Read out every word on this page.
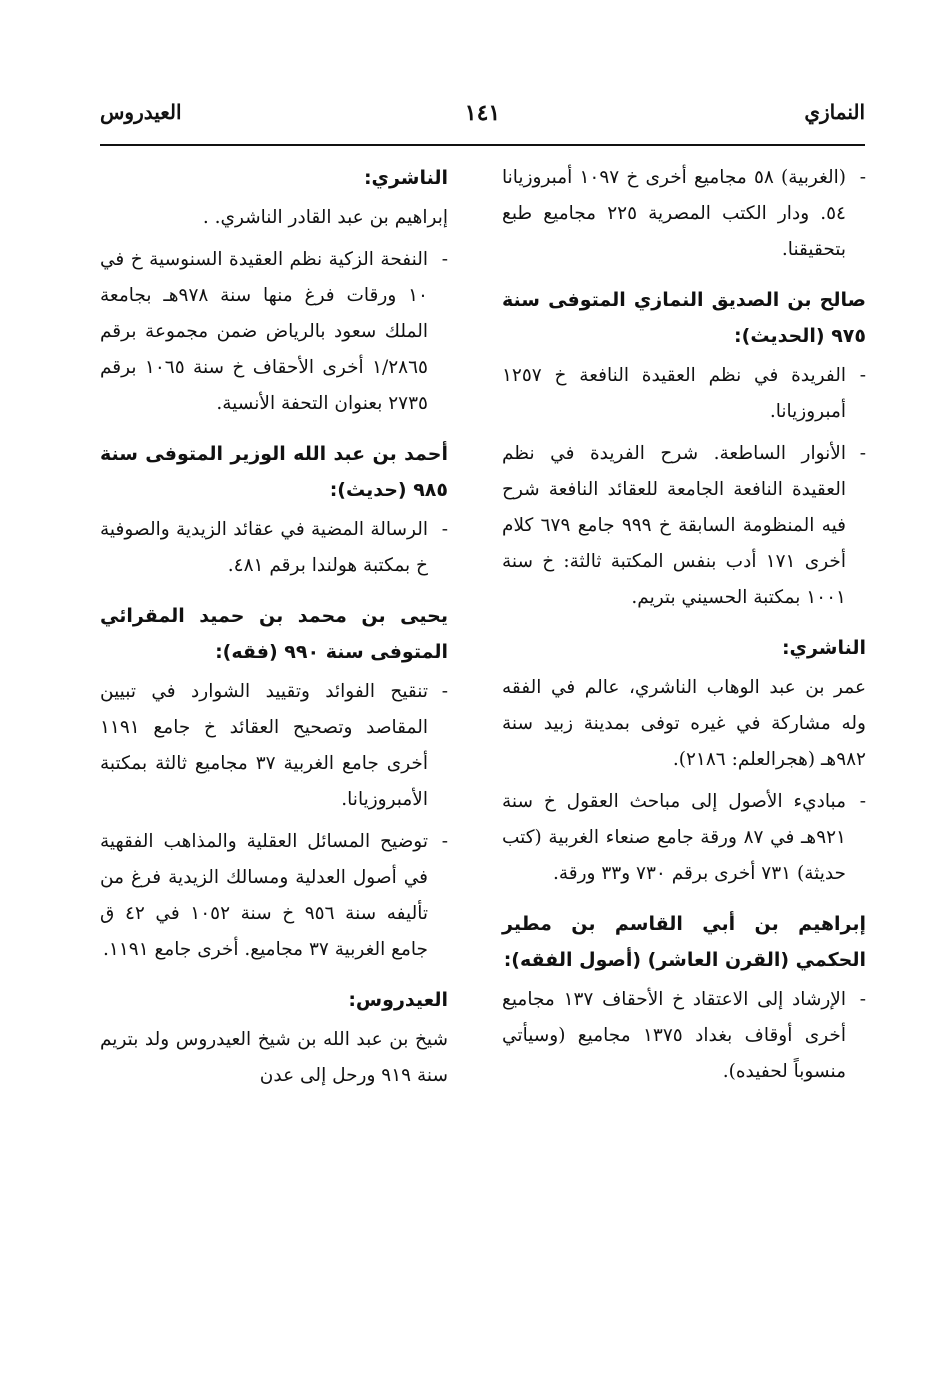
النمازي
١٤١
العيدروس
-
(الغربية) ٥٨ مجاميع أخرى خ ١٠٩٧ أمبروزيانا ٥٤. ودار الكتب المصرية ٢٢٥ مجاميع طبع بتحقيقنا.
صالح بن الصديق النمازي المتوفى سنة ٩٧٥ (الحديث):
-
الفريدة في نظم العقيدة النافعة خ ١٢٥٧ أمبروزيانا.
-
الأنوار الساطعة. شرح الفريدة في نظم العقيدة النافعة الجامعة للعقائد النافعة شرح فيه المنظومة السابقة خ ٩٩٩ جامع ٦٧٩ كلام أخرى ١٧١ أدب بنفس المكتبة ثالثة: خ سنة ١٠٠١ بمكتبة الحسيني بتريم.
الناشري:
عمر بن عبد الوهاب الناشري، عالم في الفقه وله مشاركة في غيره توفى بمدينة زبيد سنة ٩٨٢هـ (هجرالعلم: ٢١٨٦).
-
مباديء الأصول إلى مباحث العقول خ سنة ٩٢١هـ في ٨٧ ورقة جامع صنعاء الغربية (كتب حديثة) ٧٣١ أخرى برقم ٧٣٠ و٣٣ ورقة.
إبراهيم بن أبي القاسم بن مطير الحكمي (القرن العاشر) (أصول الفقه):
-
الإرشاد إلى الاعتقاد خ الأحقاف ١٣٧ مجاميع أخرى أوقاف بغداد ١٣٧٥ مجاميع (وسيأتي منسوباً لحفيده).
الناشري:
إبراهيم بن عبد القادر الناشري. .
-
النفحة الزكية نظم العقيدة السنوسية خ في ١٠ ورقات فرغ منها سنة ٩٧٨هـ بجامعة الملك سعود بالرياض ضمن مجموعة برقم ١/٢٨٦٥ أخرى الأحقاف خ سنة ١٠٦٥ برقم ٢٧٣٥ بعنوان التحفة الأنسية.
أحمد بن عبد الله الوزير المتوفى سنة ٩٨٥ (حديث):
-
الرسالة المضية في عقائد الزيدية والصوفية خ بمكتبة هولندا برقم ٤٨١.
يحيى بن محمد بن حميد المقرائي المتوفى سنة ٩٩٠ (فقه):
-
تنقيح الفوائد وتقييد الشوارد في تبيين المقاصد وتصحيح العقائد خ جامع ١١٩١ أخرى جامع الغربية ٣٧ مجاميع ثالثة بمكتبة الأمبروزيانا.
-
توضيح المسائل العقلية والمذاهب الفقهية في أصول العدلية ومسالك الزيدية فرغ من تأليفه سنة ٩٥٦ خ سنة ١٠٥٢ في ٤٢ ق جامع الغربية ٣٧ مجاميع. أخرى جامع ١١٩١.
العيدروس:
شيخ بن عبد الله بن شيخ العيدروس ولد بتريم سنة ٩١٩ ورحل إلى عدن
